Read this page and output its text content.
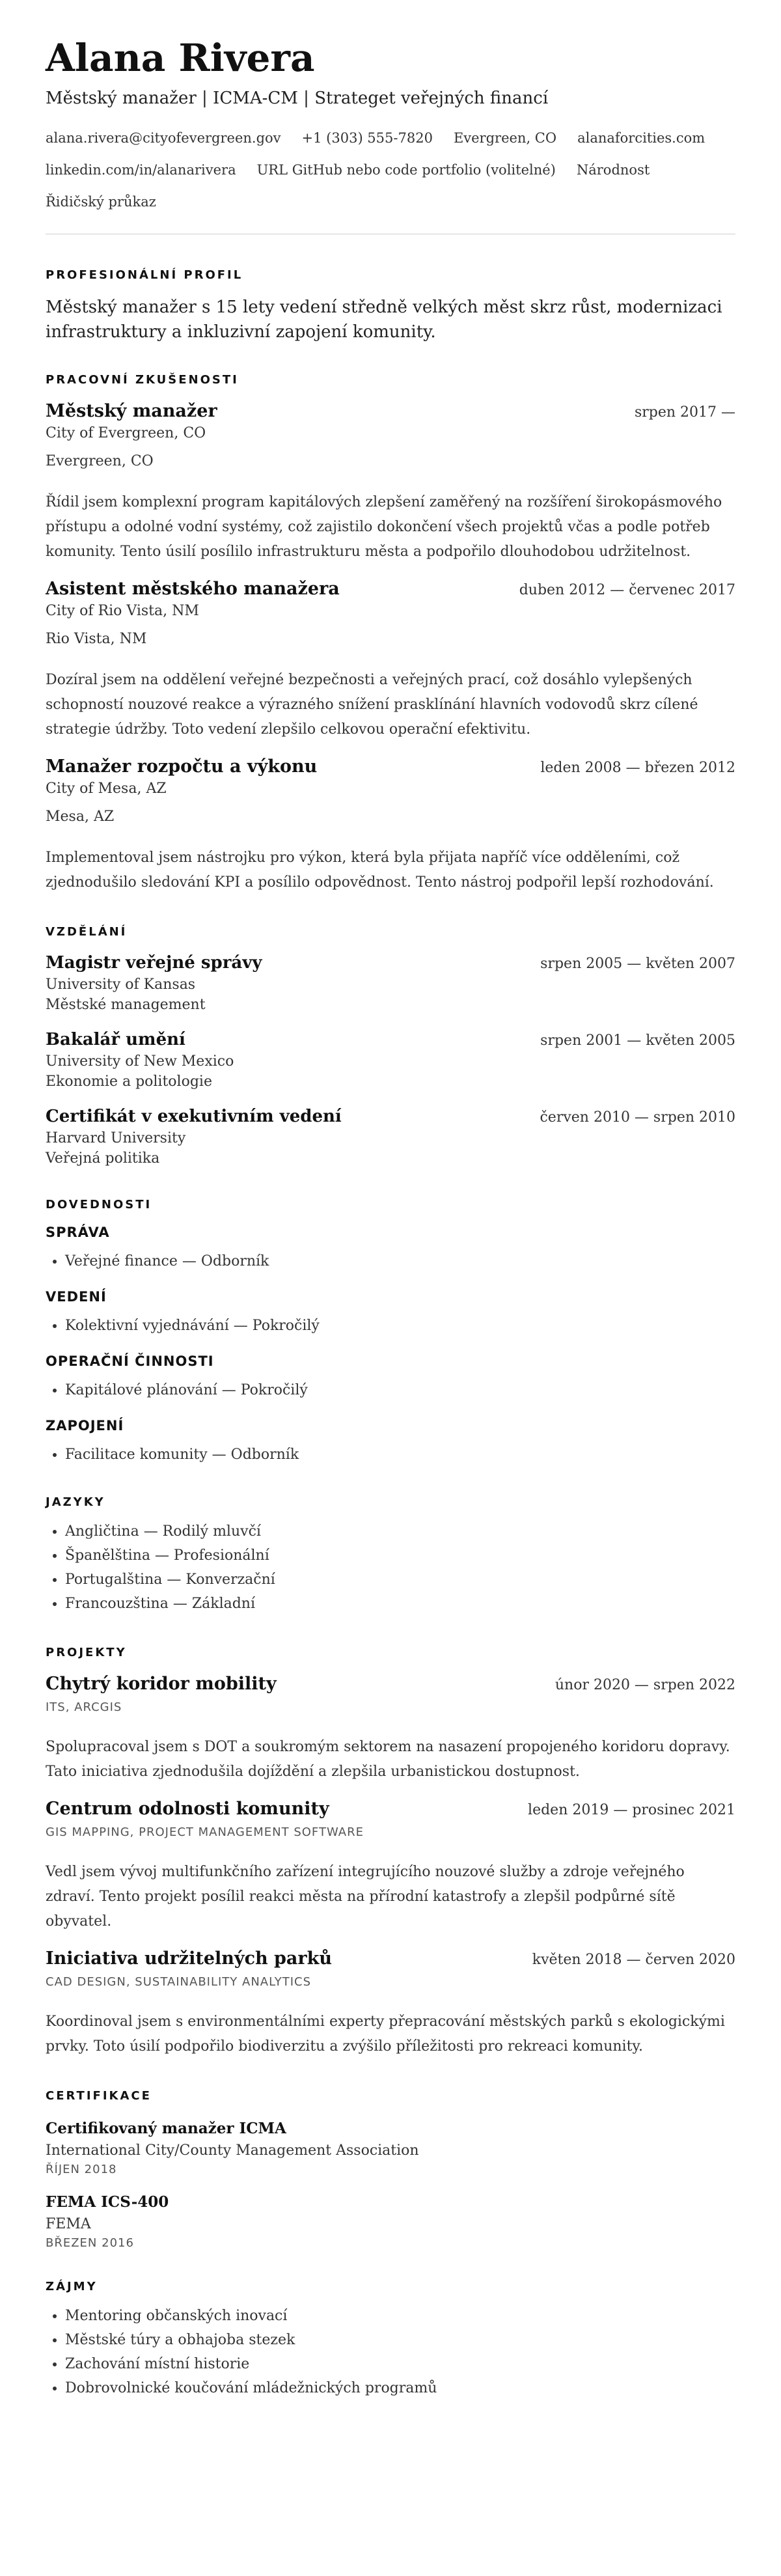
Alana Rivera
Městský manažer | ICMA-CM | Strateget veřejných financí
alana.rivera@cityofevergreen.gov +1 (303) 555-7820 Evergreen, CO alanaforcities.com
linkedin.com/in/alanarivera URL GitHub nebo code portfolio (volitelné) Národnost
Řidičský průkaz
PROFESIONÁLNÍ PROFIL
Městský manažer s 15 lety vedení středně velkých měst skrz růst, modernizaci infrastruktury a inkluzivní zapojení komunity.
PRACOVNÍ ZKUŠENOSTI
Městský manažer	srpen 2017 —
City of Evergreen, CO
Evergreen, CO
Řídil jsem komplexní program kapitálových zlepšení zaměřený na rozšíření širokopásmového přístupu a odolné vodní systémy, což zajistilo dokončení všech projektů včas a podle potřeb komunity. Tento úsilí posílilo infrastrukturu města a podpořilo dlouhodobou udržitelnost.
Asistent městského manažera	duben 2012 — červenec 2017
City of Rio Vista, NM
Rio Vista, NM
Dozíral jsem na oddělení veřejné bezpečnosti a veřejných prací, což dosáhlo vylepšených schopností nouzové reakce a výrazného snížení prasklínání hlavních vodovodů skrz cílené strategie údržby. Toto vedení zlepšilo celkovou operační efektivitu.
Manažer rozpočtu a výkonu	leden 2008 — březen 2012
City of Mesa, AZ
Mesa, AZ
Implementoval jsem nástrojku pro výkon, která byla přijata napříč více odděleními, což zjednodušilo sledování KPI a posílilo odpovědnost. Tento nástroj podpořil lepší rozhodování.
VZDĚLÁNÍ
Magistr veřejné správy	srpen 2005 — květen 2007
University of Kansas
Městské management
Bakalář umění	srpen 2001 — květen 2005
University of New Mexico
Ekonomie a politologie
Certifikát v exekutivním vedení	červen 2010 — srpen 2010
Harvard University
Veřejná politika
DOVEDNOSTI
SPRÁVA
• Veřejné finance — Odborník
VEDENÍ
• Kolektivní vyjednávání — Pokročilý
OPERAČNÍ ČINNOSTI
• Kapitálové plánování — Pokročilý
ZAPOJENÍ
• Facilitace komunity — Odborník
JAZYKY
• Angličtina — Rodilý mluvčí
• Španělština — Profesionální
• Portugalština — Konverzační
• Francouzština — Základní
PROJEKTY
Chytrý koridor mobility	únor 2020 — srpen 2022
ITS, ARCGIS
Spolupracoval jsem s DOT a soukromým sektorem na nasazení propojeného koridoru dopravy. Tato iniciativa zjednodušila dojíždění a zlepšila urbanistickou dostupnost.
Centrum odolnosti komunity	leden 2019 — prosinec 2021
GIS MAPPING, PROJECT MANAGEMENT SOFTWARE
Vedl jsem vývoj multifunkčního zařízení integrujícího nouzové služby a zdroje veřejného zdraví. Tento projekt posílil reakci města na přírodní katastrofy a zlepšil podpůrné sítě obyvatel.
Iniciativa udržitelných parků	květen 2018 — červen 2020
CAD DESIGN, SUSTAINABILITY ANALYTICS
Koordinoval jsem s environmentálními experty přepracování městských parků s ekologickými prvky. Toto úsilí podpořilo biodiverzitu a zvýšilo příležitosti pro rekreaci komunity.
CERTIFIKACE
Certifikovaný manažer ICMA
International City/County Management Association
ŘÍJEN 2018
FEMA ICS-400
FEMA
BŘEZEN 2016
ZÁJMY
• Mentoring občanských inovací
• Městské túry a obhajoba stezek
• Zachování místní historie
• Dobrovolnické koučování mládežnických programů
